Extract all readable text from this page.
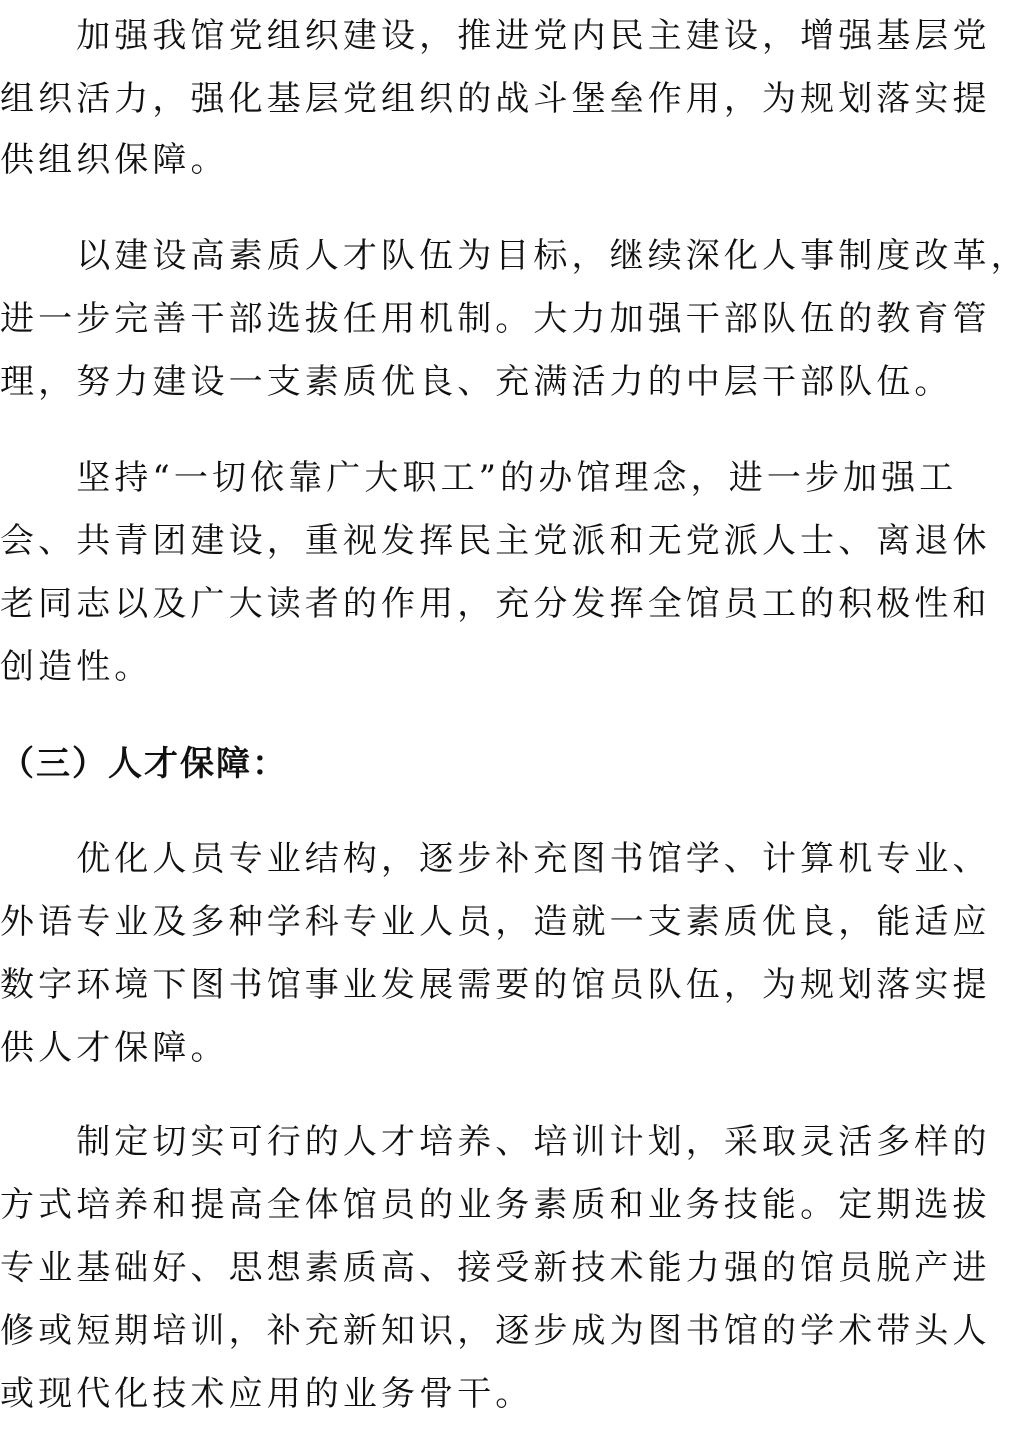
　　加强我馆党组织建设，推进党内民主建设，增强基层党
组织活力，强化基层党组织的战斗堡垒作用，为规划落实提
供组织保障。
　　以建设高素质人才队伍为目标，继续深化人事制度改革，
进一步完善干部选拔任用机制。大力加强干部队伍的教育管
理，努力建设一支素质优良、充满活力的中层干部队伍。
　　坚持“一切依靠广大职工”的办馆理念，进一步加强工
会、共青团建设，重视发挥民主党派和无党派人士、离退休
老同志以及广大读者的作用，充分发挥全馆员工的积极性和
创造性。
（三）人才保障：
　　优化人员专业结构，逐步补充图书馆学、计算机专业、
外语专业及多种学科专业人员，造就一支素质优良，能适应
数字环境下图书馆事业发展需要的馆员队伍，为规划落实提
供人才保障。
　　制定切实可行的人才培养、培训计划，采取灵活多样的
方式培养和提高全体馆员的业务素质和业务技能。定期选拔
专业基础好、思想素质高、接受新技术能力强的馆员脱产进
修或短期培训，补充新知识，逐步成为图书馆的学术带头人
或现代化技术应用的业务骨干。
